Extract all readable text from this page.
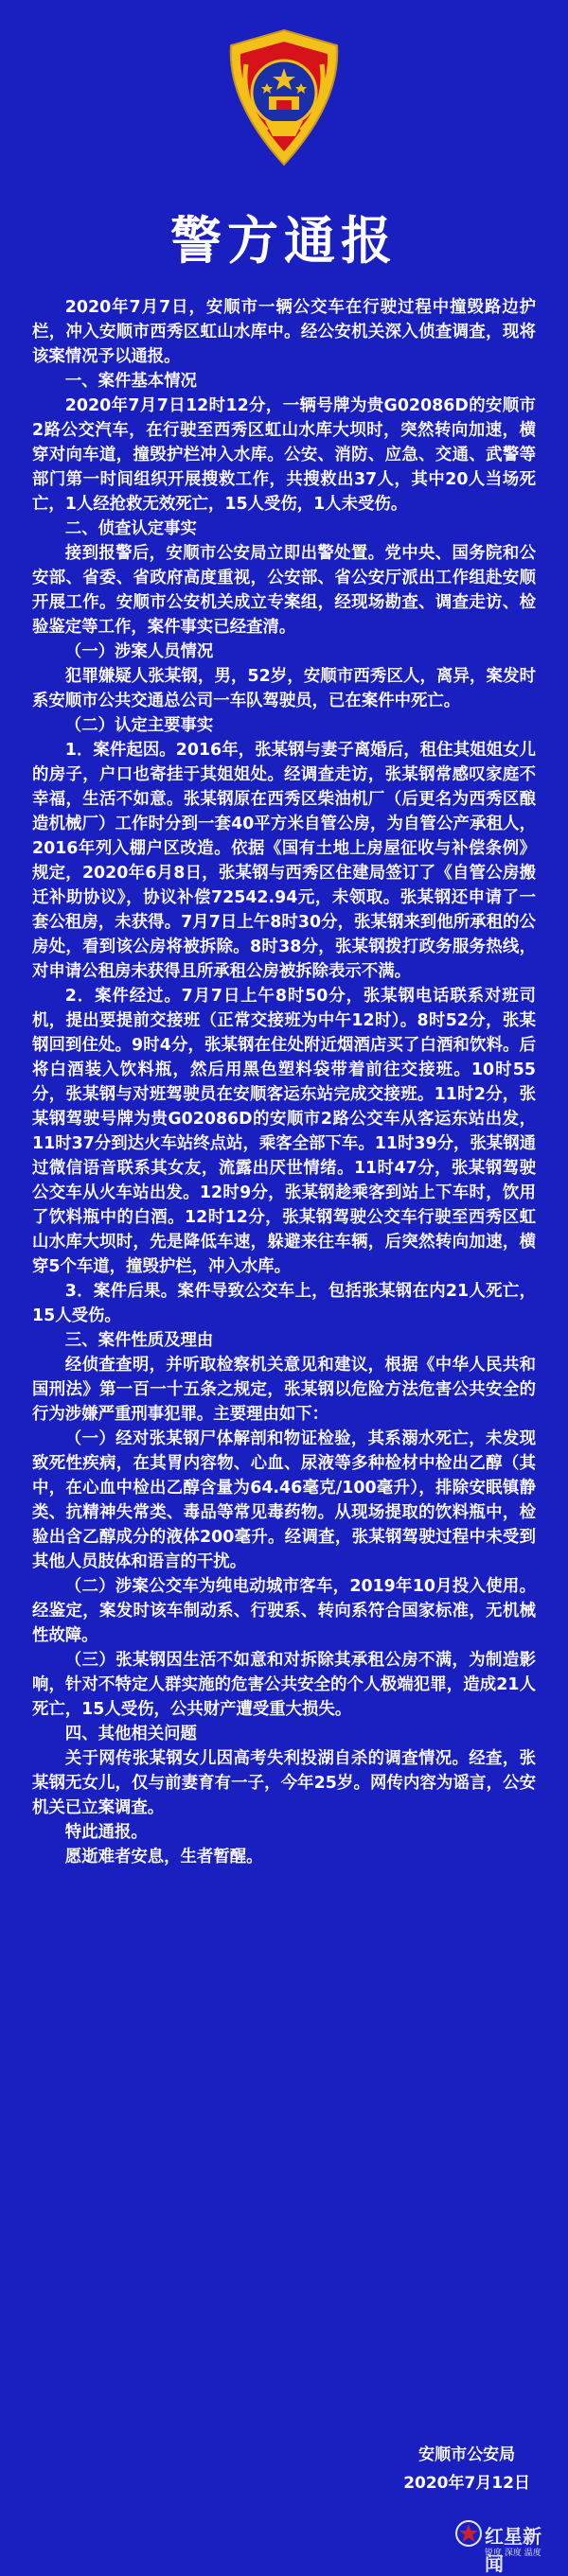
警方通报

2020年7月7日，安顺市一辆公交车在行驶过程中撞毁路边护栏，冲入安顺市西秀区虹山水库中。经公安机关深入侦查调查，现将该案情况予以通报。

一、案件基本情况

2020年7月7日12时12分，一辆号牌为贵G02086D的安顺市2路公交汽车，在行驶至西秀区虹山水库大坝时，突然转向加速，横穿对向车道，撞毁护栏冲入水库。公安、消防、应急、交通、武警等部门第一时间组织开展搜救工作，共搜救出37人，其中20人当场死亡，1人经抢救无效死亡，15人受伤，1人未受伤。

二、侦查认定事实

接到报警后，安顺市公安局立即出警处置。党中央、国务院和公安部、省委、省政府高度重视，公安部、省公安厅派出工作组赴安顺开展工作。安顺市公安机关成立专案组，经现场勘查、调查走访、检验鉴定等工作，案件事实已经查清。

（一）涉案人员情况

犯罪嫌疑人张某钢，男，52岁，安顺市西秀区人，离异，案发时系安顺市公共交通总公司一车队驾驶员，已在案件中死亡。

（二）认定主要事实

1．案件起因。2016年，张某钢与妻子离婚后，租住其姐姐女儿的房子，户口也寄挂于其姐姐处。经调查走访，张某钢常感叹家庭不幸福，生活不如意。张某钢原在西秀区柴油机厂（后更名为西秀区酿造机械厂）工作时分到一套40平方米自管公房，为自管公产承租人，2016年列入棚户区改造。依据《国有土地上房屋征收与补偿条例》规定，2020年6月8日，张某钢与西秀区住建局签订了《自管公房搬迁补助协议》，协议补偿72542.94元，未领取。张某钢还申请了一套公租房，未获得。7月7日上午8时30分，张某钢来到他所承租的公房处，看到该公房将被拆除。8时38分，张某钢拨打政务服务热线，对申请公租房未获得且所承租公房被拆除表示不满。

2．案件经过。7月7日上午8时50分，张某钢电话联系对班司机，提出要提前交接班（正常交接班为中午12时）。8时52分，张某钢回到住处。9时4分，张某钢在住处附近烟酒店买了白酒和饮料。后将白酒装入饮料瓶，然后用黑色塑料袋带着前往交接班。10时55分，张某钢与对班驾驶员在安顺客运东站完成交接班。11时2分，张某钢驾驶号牌为贵G02086D的安顺市2路公交车从客运东站出发，11时37分到达火车站终点站，乘客全部下车。11时39分，张某钢通过微信语音联系其女友，流露出厌世情绪。11时47分，张某钢驾驶公交车从火车站出发。12时9分，张某钢趁乘客到站上下车时，饮用了饮料瓶中的白酒。12时12分，张某钢驾驶公交车行驶至西秀区虹山水库大坝时，先是降低车速，躲避来往车辆，后突然转向加速，横穿5个车道，撞毁护栏，冲入水库。

3．案件后果。案件导致公交车上，包括张某钢在内21人死亡，15人受伤。

三、案件性质及理由

经侦查查明，并听取检察机关意见和建议，根据《中华人民共和国刑法》第一百一十五条之规定，张某钢以危险方法危害公共安全的行为涉嫌严重刑事犯罪。主要理由如下：

（一）经对张某钢尸体解剖和物证检验，其系溺水死亡，未发现致死性疾病，在其胃内容物、心血、尿液等多种检材中检出乙醇（其中，在心血中检出乙醇含量为64.46毫克/100毫升），排除安眠镇静类、抗精神失常类、毒品等常见毒药物。从现场提取的饮料瓶中，检验出含乙醇成分的液体200毫升。经调查，张某钢驾驶过程中未受到其他人员肢体和语言的干扰。

（二）涉案公交车为纯电动城市客车，2019年10月投入使用。经鉴定，案发时该车制动系、行驶系、转向系符合国家标准，无机械性故障。

（三）张某钢因生活不如意和对拆除其承租公房不满，为制造影响，针对不特定人群实施的危害公共安全的个人极端犯罪，造成21人死亡，15人受伤，公共财产遭受重大损失。

四、其他相关问题

关于网传张某钢女儿因高考失利投湖自杀的调查情况。经查，张某钢无女儿，仅与前妻育有一子，今年25岁。网传内容为谣言，公安机关已立案调查。

特此通报。

愿逝难者安息，生者暂醒。

安顺市公安局
2020年7月12日
红星新闻
锐度 深度 温度
